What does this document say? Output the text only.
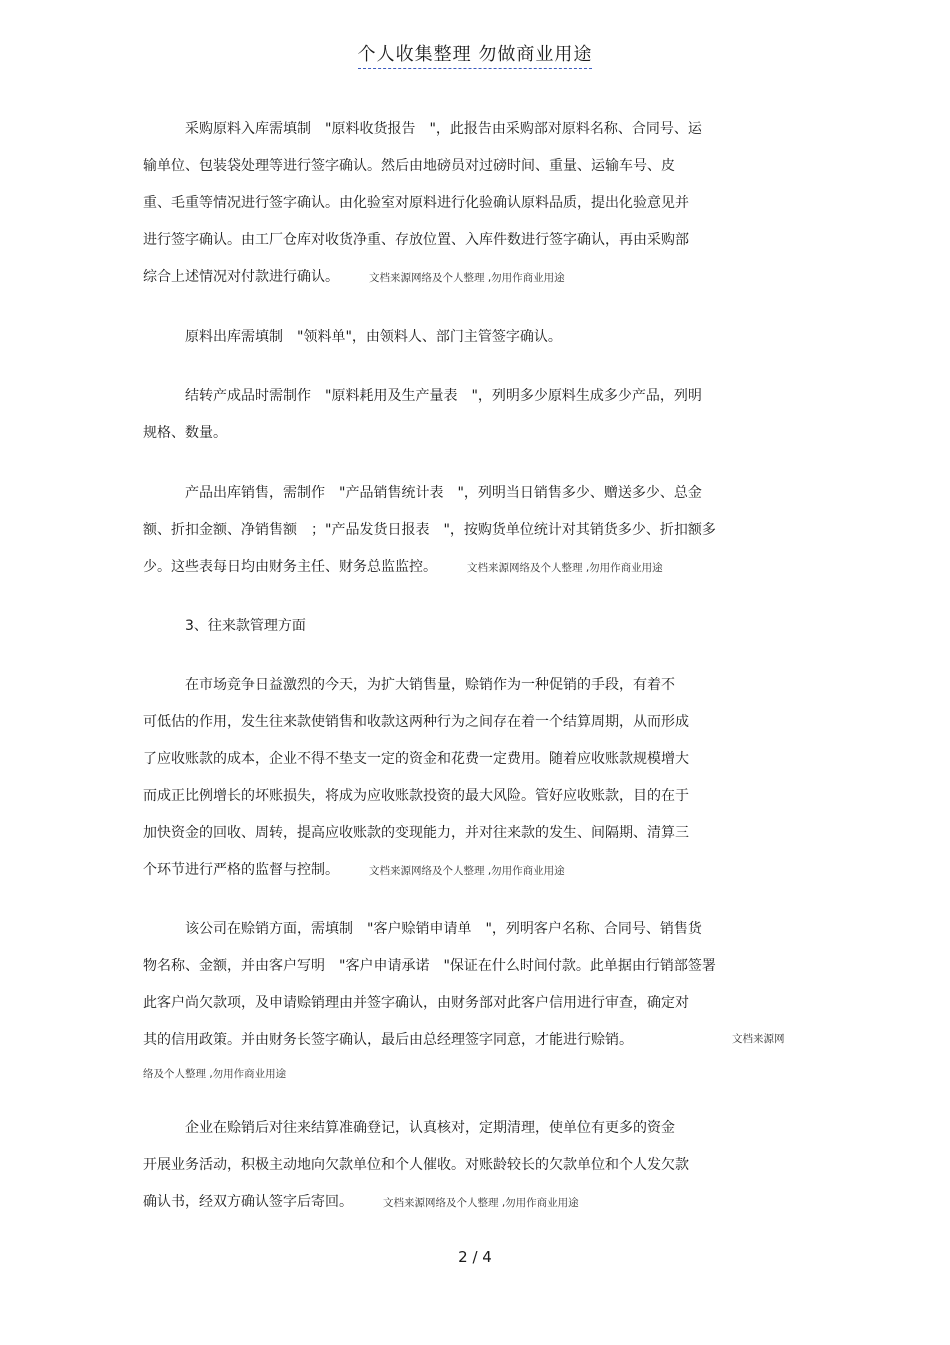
个人收集整理 勿做商业用途
　　　采购原料入库需填制　"原料收货报告　"，此报告由采购部对原料名称、合同号、运
输单位、包装袋处理等进行签字确认。然后由地磅员对过磅时间、重量、运输车号、皮
重、毛重等情况进行签字确认。由化验室对原料进行化验确认原料品质，提出化验意见并
进行签字确认。由工厂仓库对收货净重、存放位置、入库件数进行签字确认，再由采购部
综合上述情况对付款进行确认。	文档来源网络及个人整理 ,勿用作商业用途
　　　原料出库需填制　"领料单"，由领料人、部门主管签字确认。
　　　结转产成品时需制作　"原料耗用及生产量表　"，列明多少原料生成多少产品，列明
规格、数量。
　　　产品出库销售，需制作　"产品销售统计表　"，列明当日销售多少、赠送多少、总金
额、折扣金额、净销售额　；"产品发货日报表　"，按购货单位统计对其销货多少、折扣额多
少。这些表每日均由财务主任、财务总监监控。	文档来源网络及个人整理 ,勿用作商业用途
　　　3、往来款管理方面
　　　在市场竞争日益激烈的今天，为扩大销售量，赊销作为一种促销的手段，有着不
可低估的作用，发生往来款使销售和收款这两种行为之间存在着一个结算周期，从而形成
了应收账款的成本，企业不得不垫支一定的资金和花费一定费用。随着应收账款规模增大
而成正比例增长的坏账损失，将成为应收账款投资的最大风险。管好应收账款，目的在于
加快资金的回收、周转，提高应收账款的变现能力，并对往来款的发生、间隔期、清算三
个环节进行严格的监督与控制。	文档来源网络及个人整理 ,勿用作商业用途
　　　该公司在赊销方面，需填制　"客户赊销申请单　"，列明客户名称、合同号、销售货
物名称、金额，并由客户写明　"客户申请承诺　"保证在什么时间付款。此单据由行销部签署
此客户尚欠款项，及申请赊销理由并签字确认，由财务部对此客户信用进行审查，确定对
其的信用政策。并由财务长签字确认，最后由总经理签字同意，才能进行赊销。	文档来源网
络及个人整理 ,勿用作商业用途
　　　企业在赊销后对往来结算准确登记，认真核对，定期清理，使单位有更多的资金
开展业务活动，积极主动地向欠款单位和个人催收。对账龄较长的欠款单位和个人发欠款
确认书，经双方确认签字后寄回。	文档来源网络及个人整理 ,勿用作商业用途
2 / 4
